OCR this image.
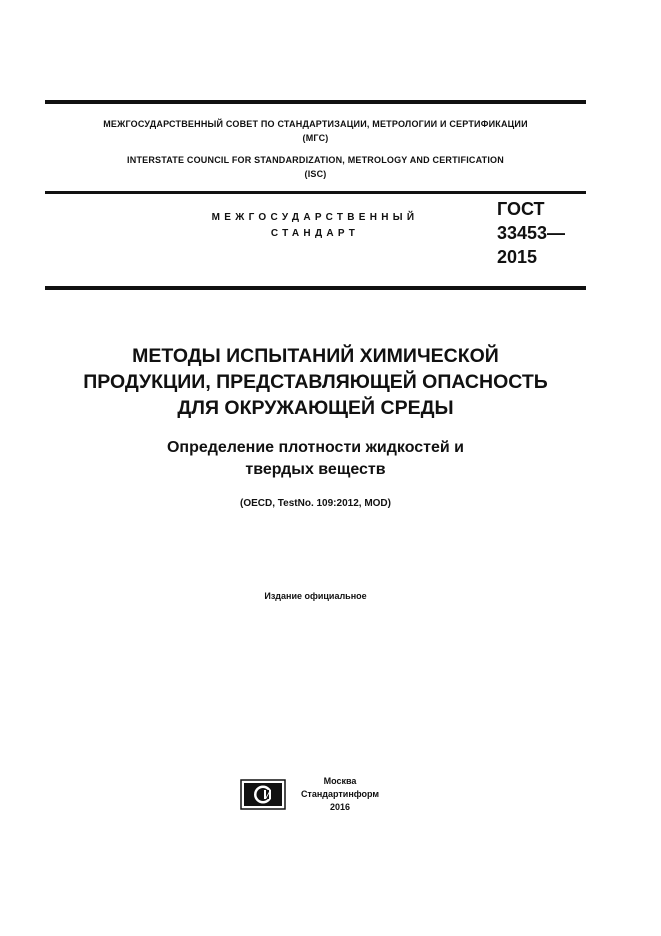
МЕЖГОСУДАРСТВЕННЫЙ СОВЕТ ПО СТАНДАРТИЗАЦИИ, МЕТРОЛОГИИ И СЕРТИФИКАЦИИ
(МГС)
INTERSTATE COUNCIL FOR STANDARDIZATION, METROLOGY AND CERTIFICATION
(ISC)
МЕЖГОСУДАРСТВЕННЫЙ
СТАНДАРТ
ГОСТ
33453—
2015
МЕТОДЫ ИСПЫТАНИЙ ХИМИЧЕСКОЙ
ПРОДУКЦИИ, ПРЕДСТАВЛЯЮЩЕЙ ОПАСНОСТЬ
ДЛЯ ОКРУЖАЮЩЕЙ СРЕДЫ
Определение плотности жидкостей и
твердых веществ
(OECD, TestNo. 109:2012, MOD)
Издание официальное
Москва
Стандартинформ
2016
